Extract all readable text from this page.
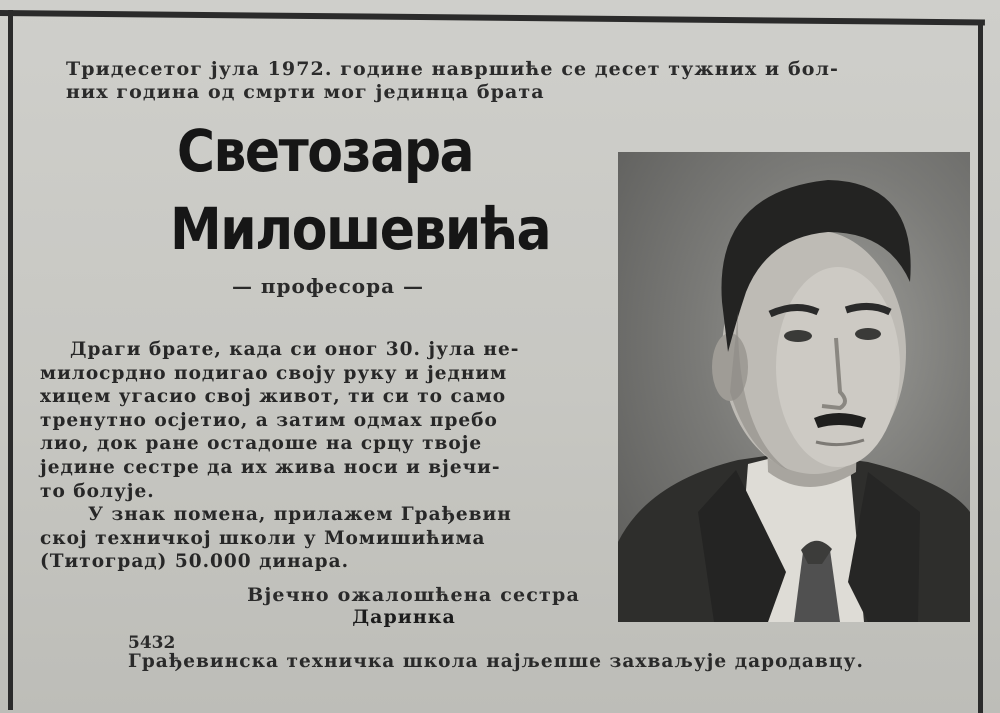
Тридесетог јула 1972. године навршиће се десет тужних и бол-
них година од смрти мог јединца брата
Светозара
Милошевића
— професора —
Драги брате, када си оног 30. јула не-
милосрдно подигао своју руку и једним
хицем угасио свој живот, ти си то само
тренутно осјетио, а затим одмах пребо
лио, док ране остадоше на срцу твоје
једине сестре да их жива носи и вјечи-
то болује.
У знак помена, прилажем Грађевин
ској техничкој школи у Момишићима
(Титоград) 50.000 динара.
Вјечно ожалошћена сестра
Даринка
5432
Грађевинска техничка школа најљепше захваљује дародавцу.
